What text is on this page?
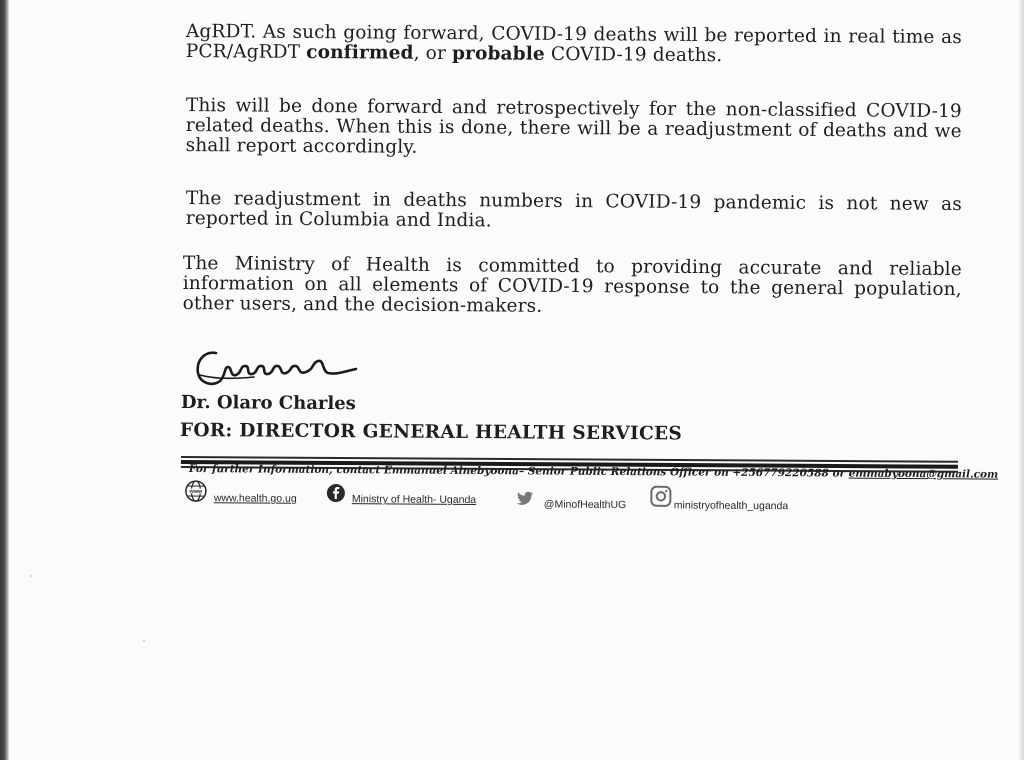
AgRDT. As such going forward, COVID-19 deaths will be reported in real time as PCR/AgRDT confirmed, or probable COVID-19 deaths.

This will be done forward and retrospectively for the non-classified COVID-19 related deaths. When this is done, there will be a readjustment of deaths and we shall report accordingly.

The readjustment in deaths numbers in COVID-19 pandemic is not new as reported in Columbia and India.

The Ministry of Health is committed to providing accurate and reliable information on all elements of COVID-19 response to the general population, other users, and the decision-makers.

Dr. Olaro Charles
FOR: DIRECTOR GENERAL HEALTH SERVICES
For further Information, contact Emmanuel Ainebyoona– Senior Public Relations Officer on +256779220588 or emmabyoona@gmail.com
www
www.health.go.ug	Ministry of Health- Uganda	@MinofHealthUG	ministryofhealth_uganda
